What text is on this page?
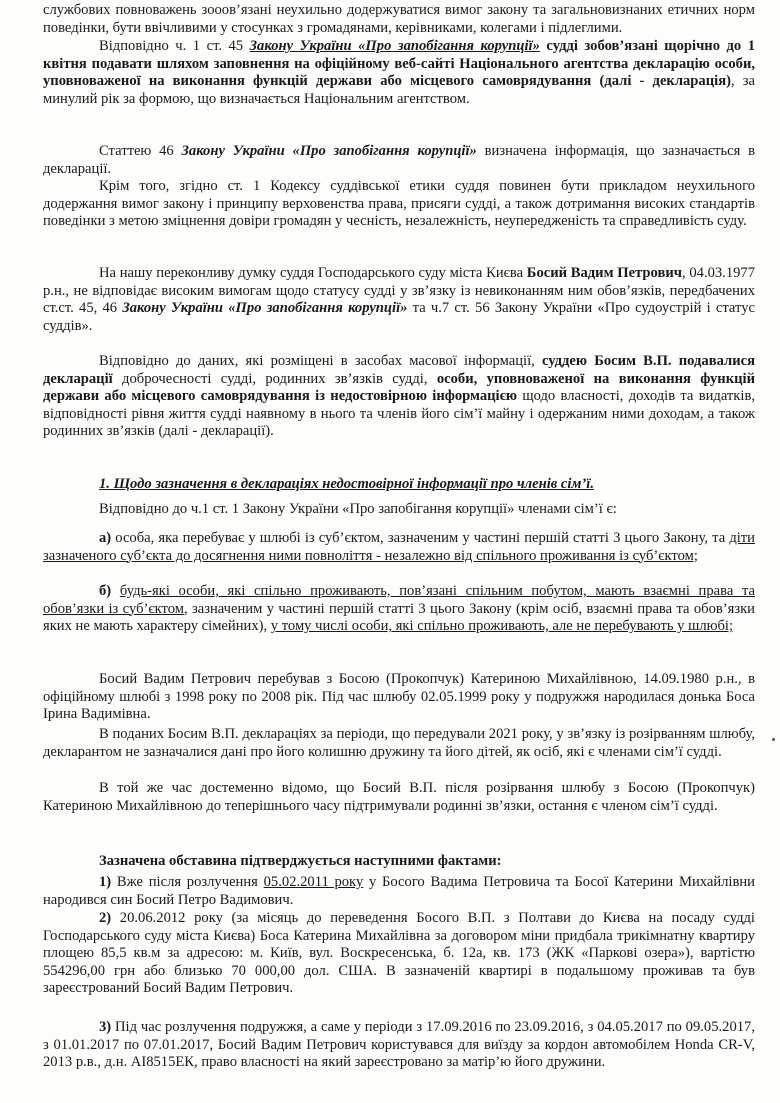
службових повноважень зооов’язані неухильно додержуватися вимог закону та загальновизнаних етичних норм поведінки, бути ввічливими у стосунках з громадянами, керівниками, колегами і підлеглими.

Відповідно ч. 1 ст. 45 Закону України «Про запобігання корупції» судді зобов’язані щорічно до 1 квітня подавати шляхом заповнення на офіційному веб-сайті Національного агентства декларацію особи, уповноваженої на виконання функцій держави або місцевого самоврядування (далі - декларація), за минулий рік за формою, що визначається Національним агентством.

Статтею 46 Закону України «Про запобігання корупції» визначена інформація, що зазначається в декларації.

Крім того, згідно ст. 1 Кодексу суддівської етики суддя повинен бути прикладом неухильного додержання вимог закону і принципу верховенства права, присяги судді, а також дотримання високих стандартів поведінки з метою зміцнення довіри громадян у чесність, незалежність, неупередженість та справедливість суду.

На нашу переконливу думку суддя Господарського суду міста Києва Босий Вадим Петрович, 04.03.1977 р.н., не відповідає високим вимогам щодо статусу судді у зв’язку із невиконанням ним обов’язків, передбачених ст.ст. 45, 46 Закону України «Про запобігання корупції» та ч.7 ст. 56 Закону України «Про судоустрій і статус суддів».

Відповідно до даних, які розміщені в засобах масової інформації, суддею Босим В.П. подавалися декларації доброчесності судді, родинних зв’язків судді, особи, уповноваженої на виконання функцій держави або місцевого самоврядування із недостовірною інформацією щодо власності, доходів та видатків, відповідності рівня життя судді наявному в нього та членів його сім’ї майну і одержаним ними доходам, а також родинних зв’язків (далі - декларації).

1. Щодо зазначення в деклараціях недостовірної інформації про членів сім’ї.

Відповідно до ч.1 ст. 1 Закону України «Про запобігання корупції» членами сім’ї є:

а) особа, яка перебуває у шлюбі із суб’єктом, зазначеним у частині першій статті 3 цього Закону, та діти зазначеного суб’єкта до досягнення ними повноліття - незалежно від спільного проживання із суб’єктом;

б) будь-які особи, які спільно проживають, пов’язані спільним побутом, мають взаємні права та обов’язки із суб’єктом, зазначеним у частині першій статті 3 цього Закону (крім осіб, взаємні права та обов’язки яких не мають характеру сімейних), у тому числі особи, які спільно проживають, але не перебувають у шлюбі;

Босий Вадим Петрович перебував з Босою (Прокопчук) Катериною Михайлівною, 14.09.1980 р.н., в офіційному шлюбі з 1998 року по 2008 рік. Під час шлюбу 02.05.1999 року у подружжя народилася донька Боса Ірина Вадимівна.

В поданих Босим В.П. деклараціях за періоди, що передували 2021 року, у зв’язку із розірванням шлюбу, декларантом не зазначалися дані про його колишню дружину та його дітей, як осіб, які є членами сім’ї судді.

В той же час достеменно відомо, що Босий В.П. після розірвання шлюбу з Босою (Прокопчук) Катериною Михайлівною до теперішнього часу підтримували родинні зв’язки, остання є членом сім’ї судді.

Зазначена обставина підтверджується наступними фактами:

1) Вже після розлучення 05.02.2011 року у Босого Вадима Петровича та Босої Катерини Михайлівни народився син Босий Петро Вадимович.

2) 20.06.2012 року (за місяць до переведення Босого В.П. з Полтави до Києва на посаду судді Господарського суду міста Києва) Боса Катерина Михайлівна за договором міни придбала трикімнатну квартиру площею 85,5 кв.м за адресою: м. Київ, вул. Воскресенська, б. 12а, кв. 173 (ЖК «Паркові озера»), вартістю 554296,00 грн або близько 70 000,00 дол. США. В зазначеній квартирі в подальшому проживав та був зареєстрований Босий Вадим Петрович.

3) Під час розлучення подружжя, а саме у періоди з 17.09.2016 по 23.09.2016, з 04.05.2017 по 09.05.2017, з 01.01.2017 по 07.01.2017, Босий Вадим Петрович користувався для виїзду за кордон автомобілем Honda CR-V, 2013 р.в., д.н. АІ8515ЕК, право власності на який зареєстровано за матір’ю його дружини.
